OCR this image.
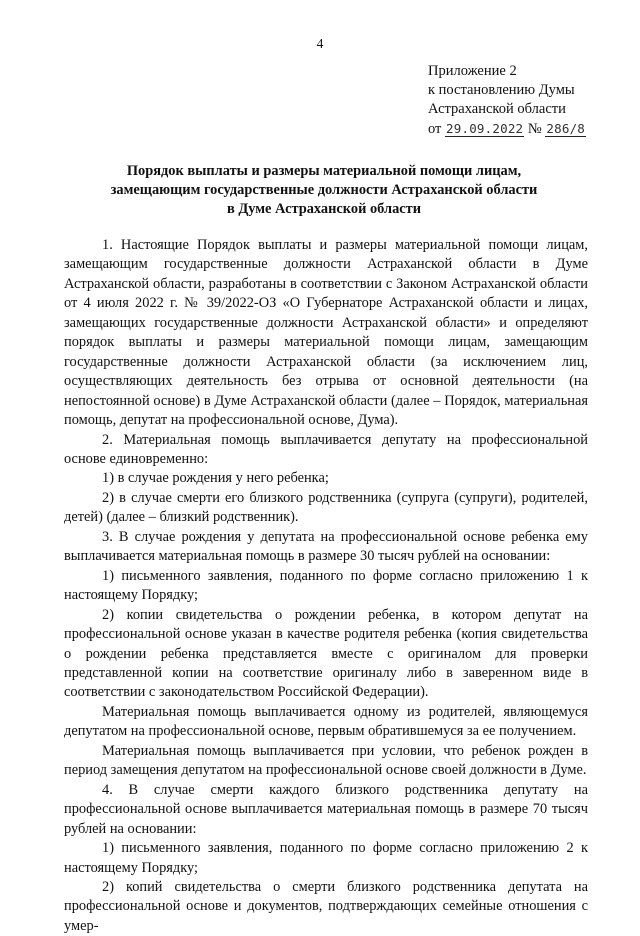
4
Приложение 2
к постановлению Думы
Астраханской области
от 29.09.2022 № 286/8
Порядок выплаты и размеры материальной помощи лицам,
замещающим государственные должности Астраханской области
в Думе Астраханской области

1. Настоящие Порядок выплаты и размеры материальной помощи лицам, замещающим государственные должности Астраханской области в Думе Астраханской области, разработаны в соответствии с Законом Астраханской области от 4 июля 2022 г. № 39/2022-ОЗ «О Губернаторе Астраханской области и лицах, замещающих государственные должности Астраханской области» и определяют порядок выплаты и размеры материальной помощи лицам, замещающим государственные должности Астраханской области (за исключением лиц, осуществляющих деятельность без отрыва от основной деятельности (на непостоянной основе) в Думе Астраханской области (далее – Порядок, материальная помощь, депутат на профессиональной основе, Дума).

2. Материальная помощь выплачивается депутату на профессиональной основе единовременно:

1) в случае рождения у него ребенка;

2) в случае смерти его близкого родственника (супруга (супруги), родителей, детей) (далее – близкий родственник).

3. В случае рождения у депутата на профессиональной основе ребенка ему выплачивается материальная помощь в размере 30 тысяч рублей на основании:

1) письменного заявления, поданного по форме согласно приложению 1 к настоящему Порядку;

2) копии свидетельства о рождении ребенка, в котором депутат на профессиональной основе указан в качестве родителя ребенка (копия свидетельства о рождении ребенка представляется вместе с оригиналом для проверки представленной копии на соответствие оригиналу либо в заверенном виде в соответствии с законодательством Российской Федерации).

Материальная помощь выплачивается одному из родителей, являющемуся депутатом на профессиональной основе, первым обратившемуся за ее получением.

Материальная помощь выплачивается при условии, что ребенок рожден в период замещения депутатом на профессиональной основе своей должности в Думе.

4. В случае смерти каждого близкого родственника депутату на профессиональной основе выплачивается материальная помощь в размере 70 тысяч рублей на основании:

1) письменного заявления, поданного по форме согласно приложению 2 к настоящему Порядку;

2) копий свидетельства о смерти близкого родственника депутата на профессиональной основе и документов, подтверждающих семейные отношения с умер-
